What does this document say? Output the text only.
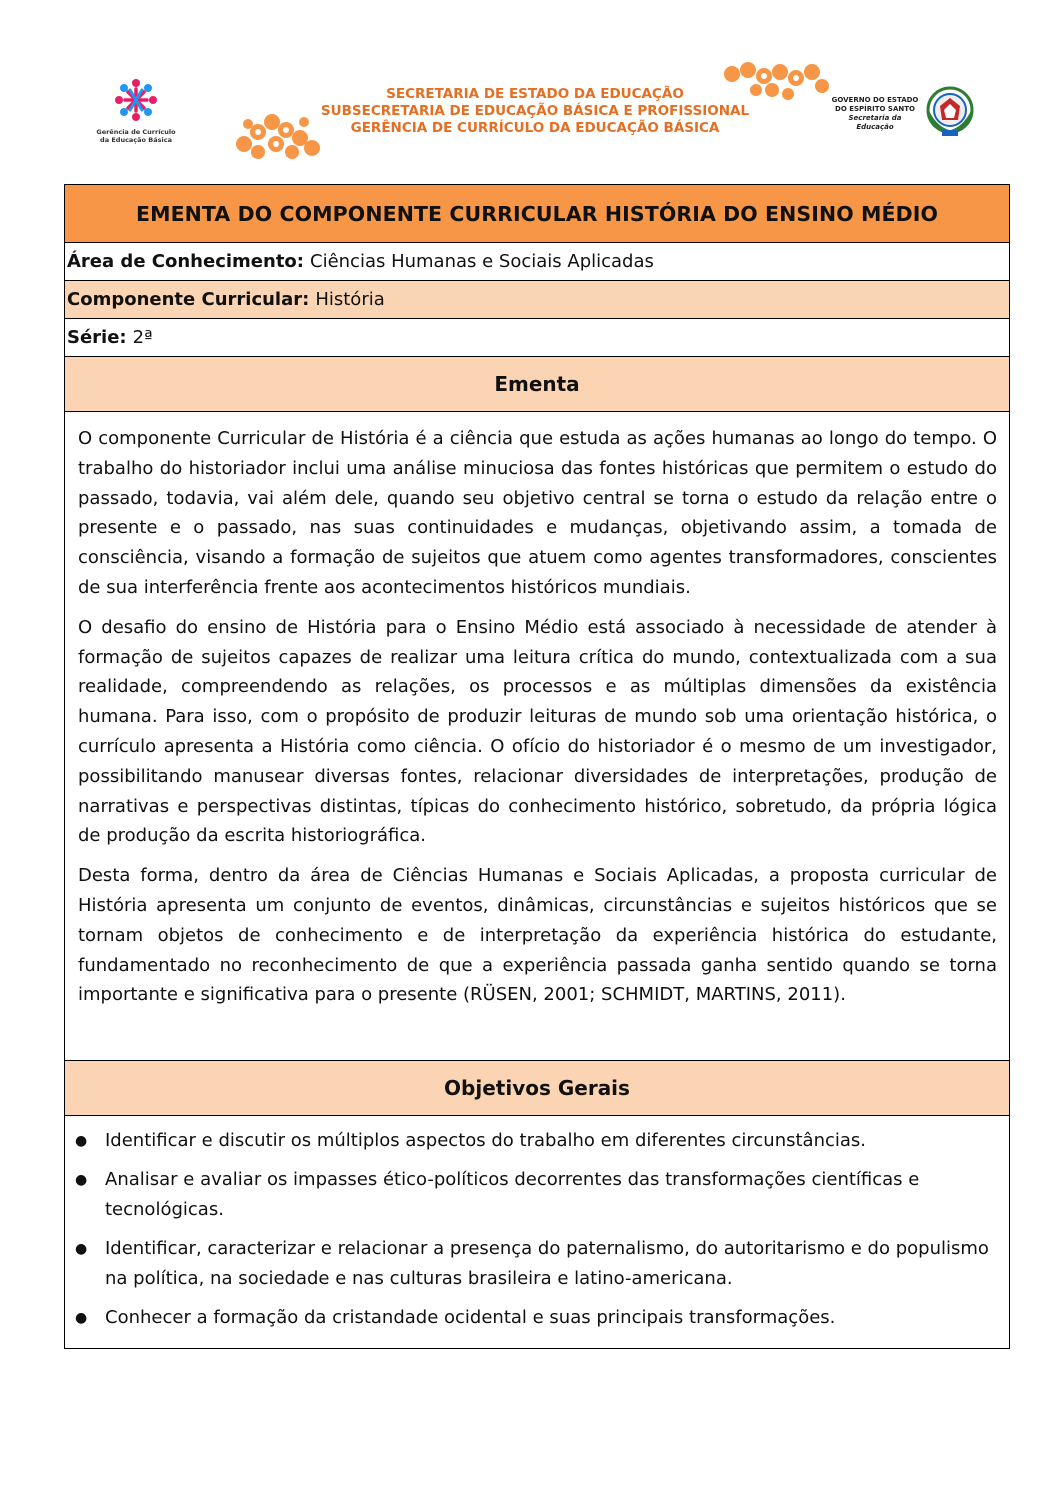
Gerência de Currículo
da Educação Básica
SECRETARIA DE ESTADO DA EDUCAÇÃO
SUBSECRETARIA DE EDUCAÇÃO BÁSICA E PROFISSIONAL
GERÊNCIA DE CURRÍCULO DA EDUCAÇÃO BÁSICA
GOVERNO DO ESTADO
DO ESPÍRITO SANTO
Secretaria da Educação
EMENTA DO COMPONENTE CURRICULAR HISTÓRIA DO ENSINO MÉDIO
Área de Conhecimento: Ciências Humanas e Sociais Aplicadas
Componente Curricular: História
Série: 2ª
Ementa

O componente Curricular de História é a ciência que estuda as ações humanas ao longo do tempo. O trabalho do historiador inclui uma análise minuciosa das fontes históricas que permitem o estudo do passado, todavia, vai além dele, quando seu objetivo central se torna o estudo da relação entre o presente e o passado, nas suas continuidades e mudanças, objetivando assim, a tomada de consciência, visando a formação de sujeitos que atuem como agentes transformadores, conscientes de sua interferência frente aos acontecimentos históricos mundiais.

O desafio do ensino de História para o Ensino Médio está associado à necessidade de atender à formação de sujeitos capazes de realizar uma leitura crítica do mundo, contextualizada com a sua realidade, compreendendo as relações, os processos e as múltiplas dimensões da existência humana. Para isso, com o propósito de produzir leituras de mundo sob uma orientação histórica, o currículo apresenta a História como ciência. O ofício do historiador é o mesmo de um investigador, possibilitando manusear diversas fontes, relacionar diversidades de interpretações, produção de narrativas e perspectivas distintas, típicas do conhecimento histórico, sobretudo, da própria lógica de produção da escrita historiográfica.

Desta forma, dentro da área de Ciências Humanas e Sociais Aplicadas, a proposta curricular de História apresenta um conjunto de eventos, dinâmicas, circunstâncias e sujeitos históricos que se tornam objetos de conhecimento e de interpretação da experiência histórica do estudante, fundamentado no reconhecimento de que a experiência passada ganha sentido quando se torna importante e significativa para o presente (RÜSEN, 2001; SCHMIDT, MARTINS, 2011).

Objetivos Gerais
● Identificar e discutir os múltiplos aspectos do trabalho em diferentes circunstâncias.
● Analisar e avaliar os impasses ético-políticos decorrentes das transformações científicas e tecnológicas.
● Identificar, caracterizar e relacionar a presença do paternalismo, do autoritarismo e do populismo na política, na sociedade e nas culturas brasileira e latino-americana.
● Conhecer a formação da cristandade ocidental e suas principais transformações.
